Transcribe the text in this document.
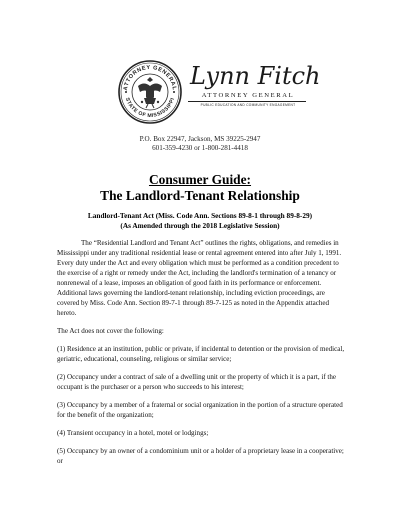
ATTORNEY GENERAL
STATE OF MISSISSIPPI
Lynn Fitch
ATTORNEY GENERAL
PUBLIC EDUCATION AND COMMUNITY ENGAGEMENT
P.O. Box 22947, Jackson, MS 39225-2947
601-359-4230 or 1-800-281-4418
Consumer Guide:
The Landlord-Tenant Relationship
Landlord-Tenant Act (Miss. Code Ann. Sections 89-8-1 through 89-8-29)
(As Amended through the 2018 Legislative Session)

The “Residential Landlord and Tenant Act” outlines the rights, obligations, and remedies in Mississippi under any traditional residential lease or rental agreement entered into after July 1, 1991. Every duty under the Act and every obligation which must be performed as a condition precedent to the exercise of a right or remedy under the Act, including the landlord's termination of a tenancy or nonrenewal of a lease, imposes an obligation of good faith in its performance or enforcement. Additional laws governing the landlord-tenant relationship, including eviction proceedings, are covered by Miss. Code Ann. Section 89-7-1 through 89-7-125 as noted in the Appendix attached hereto.

The Act does not cover the following:

(1) Residence at an institution, public or private, if incidental to detention or the provision of medical, geriatric, educational, counseling, religious or similar service;

(2) Occupancy under a contract of sale of a dwelling unit or the property of which it is a part, if the occupant is the purchaser or a person who succeeds to his interest;

(3) Occupancy by a member of a fraternal or social organization in the portion of a structure operated for the benefit of the organization;

(4) Transient occupancy in a hotel, motel or lodgings;

(5) Occupancy by an owner of a condominium unit or a holder of a proprietary lease in a cooperative; or
